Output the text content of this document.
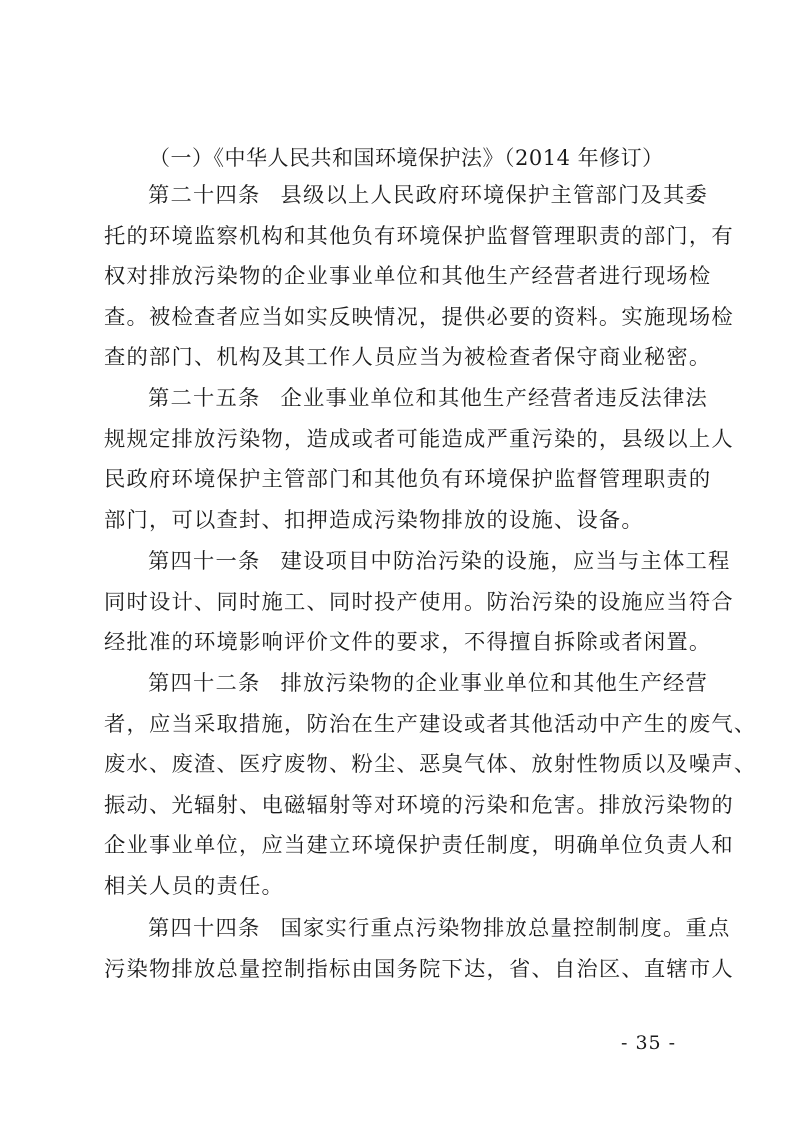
（一）《中华人民共和国环境保护法》（2014 年修订）
第二十四条 县级以上人民政府环境保护主管部门及其委
托的环境监察机构和其他负有环境保护监督管理职责的部门，有
权对排放污染物的企业事业单位和其他生产经营者进行现场检
查。被检查者应当如实反映情况，提供必要的资料。实施现场检
查的部门、机构及其工作人员应当为被检查者保守商业秘密。
第二十五条 企业事业单位和其他生产经营者违反法律法
规规定排放污染物，造成或者可能造成严重污染的，县级以上人
民政府环境保护主管部门和其他负有环境保护监督管理职责的
部门，可以查封、扣押造成污染物排放的设施、设备。
第四十一条 建设项目中防治污染的设施，应当与主体工程
同时设计、同时施工、同时投产使用。防治污染的设施应当符合
经批准的环境影响评价文件的要求，不得擅自拆除或者闲置。
第四十二条 排放污染物的企业事业单位和其他生产经营
者，应当采取措施，防治在生产建设或者其他活动中产生的废气、
废水、废渣、医疗废物、粉尘、恶臭气体、放射性物质以及噪声、
振动、光辐射、电磁辐射等对环境的污染和危害。排放污染物的
企业事业单位，应当建立环境保护责任制度，明确单位负责人和
相关人员的责任。
第四十四条 国家实行重点污染物排放总量控制制度。重点
污染物排放总量控制指标由国务院下达，省、自治区、直辖市人
- 35 -
